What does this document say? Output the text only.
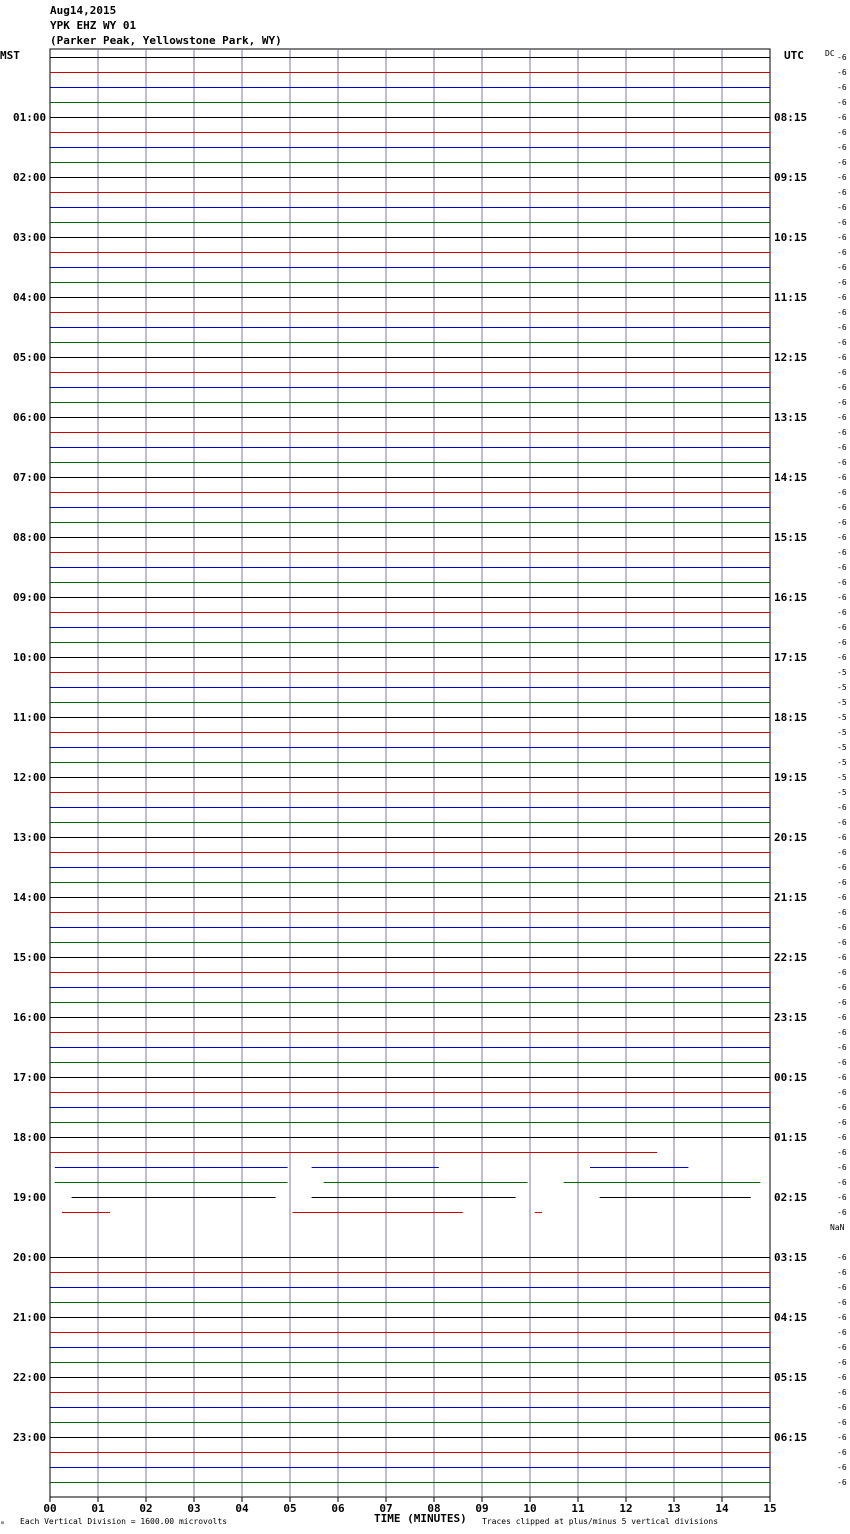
Aug14,2015
YPK EHZ WY 01
(Parker Peak, Yellowstone Park, WY)
MST	UTC	DC
NaN
01:00
02:00
03:00
04:00
05:00
06:00
07:00
08:00
09:00
10:00
11:00
12:00
13:00
14:00
15:00
16:00
17:00
18:00
19:00
20:00
21:00
22:00
23:00
08:15
09:15
10:15
11:15
12:15
13:15
14:15
15:15
16:15
17:15
18:15
19:15
20:15
21:15
22:15
23:15
00:15
01:15
02:15
03:15
04:15
05:15
06:15
-6
-6
-6
-6
-6
-6
-6
-6
-6
-6
-6
-6
-6
-6
-6
-6
-6
-6
-6
-6
-6
-6
-6
-6
-6
-6
-6
-6
-6
-6
-6
-6
-6
-6
-6
-6
-6
-6
-6
-6
-6
-5
-5
-5
-5
-5
-5
-5
-5
-5
-6
-6
-6
-6
-6
-6
-6
-6
-6
-6
-6
-6
-6
-6
-6
-6
-6
-6
-6
-6
-6
-6
-6
-6
-6
-6
-6
-6
-6
-6
-6
-6
-6
-6
-6
-6
-6
-6
-6
-6
-6
-6
-6
-6
00	01	02	03	04	05	06	07	08	09	10	11	12	13	14	15
ₘ Each Vertical Division = 1600.00 microvolts	TIME (MINUTES) Traces clipped at plus/minus 5 vertical divisions
